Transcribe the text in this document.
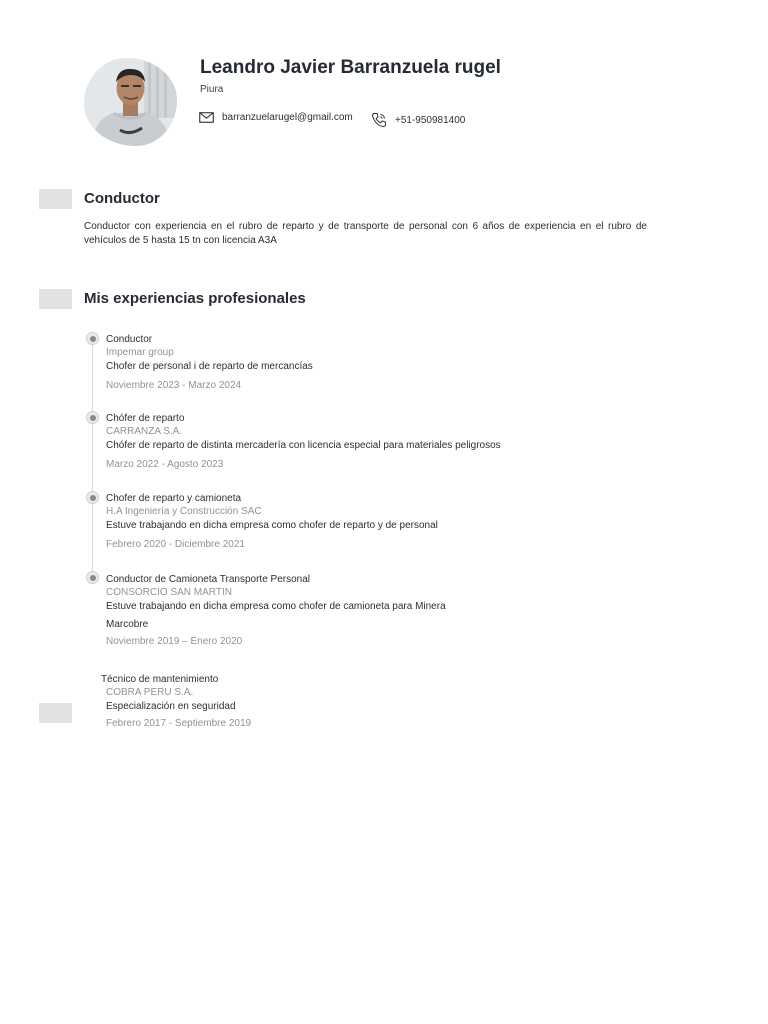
Leandro Javier Barranzuela rugel
Piura
barranzuelarugel@gmail.com	+51-950981400
Conductor

Conductor con experiencia en el rubro de reparto y de transporte de personal con 6 años de experiencia en el rubro de vehículos de 5 hasta 15 tn con licencia A3A

Mis experiencias profesionales
Conductor
Impemar group
Chofer de personal i de reparto de mercancías
Noviembre 2023 - Marzo 2024
Chófer de reparto
CARRANZA S.A.
Chófer de reparto de distinta mercadería con licencia especial para materiales peligrosos
Marzo 2022 - Agosto 2023
Chofer de reparto y camioneta
H.A Ingeniería y Construcción SAC
Estuve trabajando en dicha empresa como chofer de reparto y de personal
Febrero 2020 - Diciembre 2021
Conductor de Camioneta Transporte Personal
CONSORCIO SAN MARTIN
Estuve trabajando en dicha empresa como chofer de camioneta para Minera
Marcobre
Noviembre 2019 – Enero 2020
Técnico de mantenimiento
COBRA PERU S.A.
Especialización en seguridad
Febrero 2017 - Septiembre 2019
